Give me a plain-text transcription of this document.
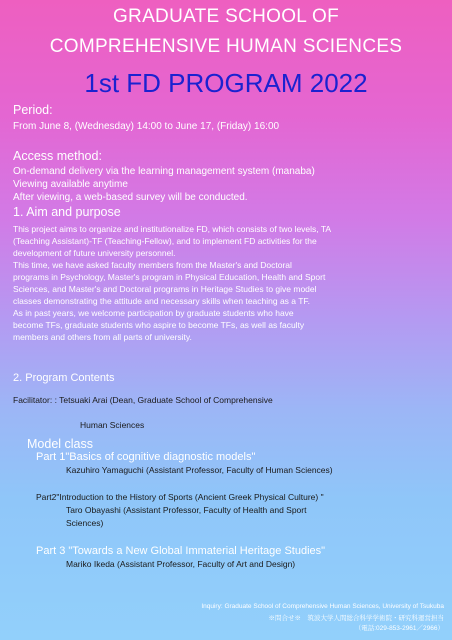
GRADUATE SCHOOL OF

COMPREHENSIVE HUMAN SCIENCES

1st FD PROGRAM 2022

Period:

From June 8, (Wednesday) 14:00 to June 17, (Friday) 16:00

Access method:

On-demand delivery via the learning management system (manaba)

Viewing available anytime

After viewing, a web-based survey will be conducted.

1. Aim and purpose

This project aims to organize and institutionalize FD, which consists of two levels, TA

(Teaching Assistant)-TF (Teaching-Fellow), and to implement FD activities for the

development of future university personnel.

This time, we have asked faculty members from the Master's and Doctoral

programs in Psychology, Master's program in Physical Education, Health and Sport

Sciences, and Master's and Doctoral programs in Heritage Studies to give model

classes demonstrating the attitude and necessary skills when teaching as a TF.

As in past years, we welcome participation by graduate students who have

become TFs, graduate students who aspire to become TFs, as well as faculty

members and others from all parts of university.

2. Program Contents

Facilitator: : Tetsuaki Arai (Dean, Graduate School of Comprehensive

Human Sciences

Model class

Part 1"Basics of cognitive diagnostic models"

Kazuhiro Yamaguchi (Assistant Professor, Faculty of Human Sciences)

Part2"Introduction to the History of Sports (Ancient Greek Physical Culture) "

Taro Obayashi (Assistant Professor, Faculty of Health and Sport

Sciences)

Part 3 "Towards a New Global Immaterial Heritage Studies"

Mariko Ikeda (Assistant Professor, Faculty of Art and Design)

Inquiry: Graduate School of Comprehensive Human Sciences, University of Tsukuba

※問合せ※　筑波大学人間総合科学学術院・研究科運営担当

（電話:029-853-2961／2966）
